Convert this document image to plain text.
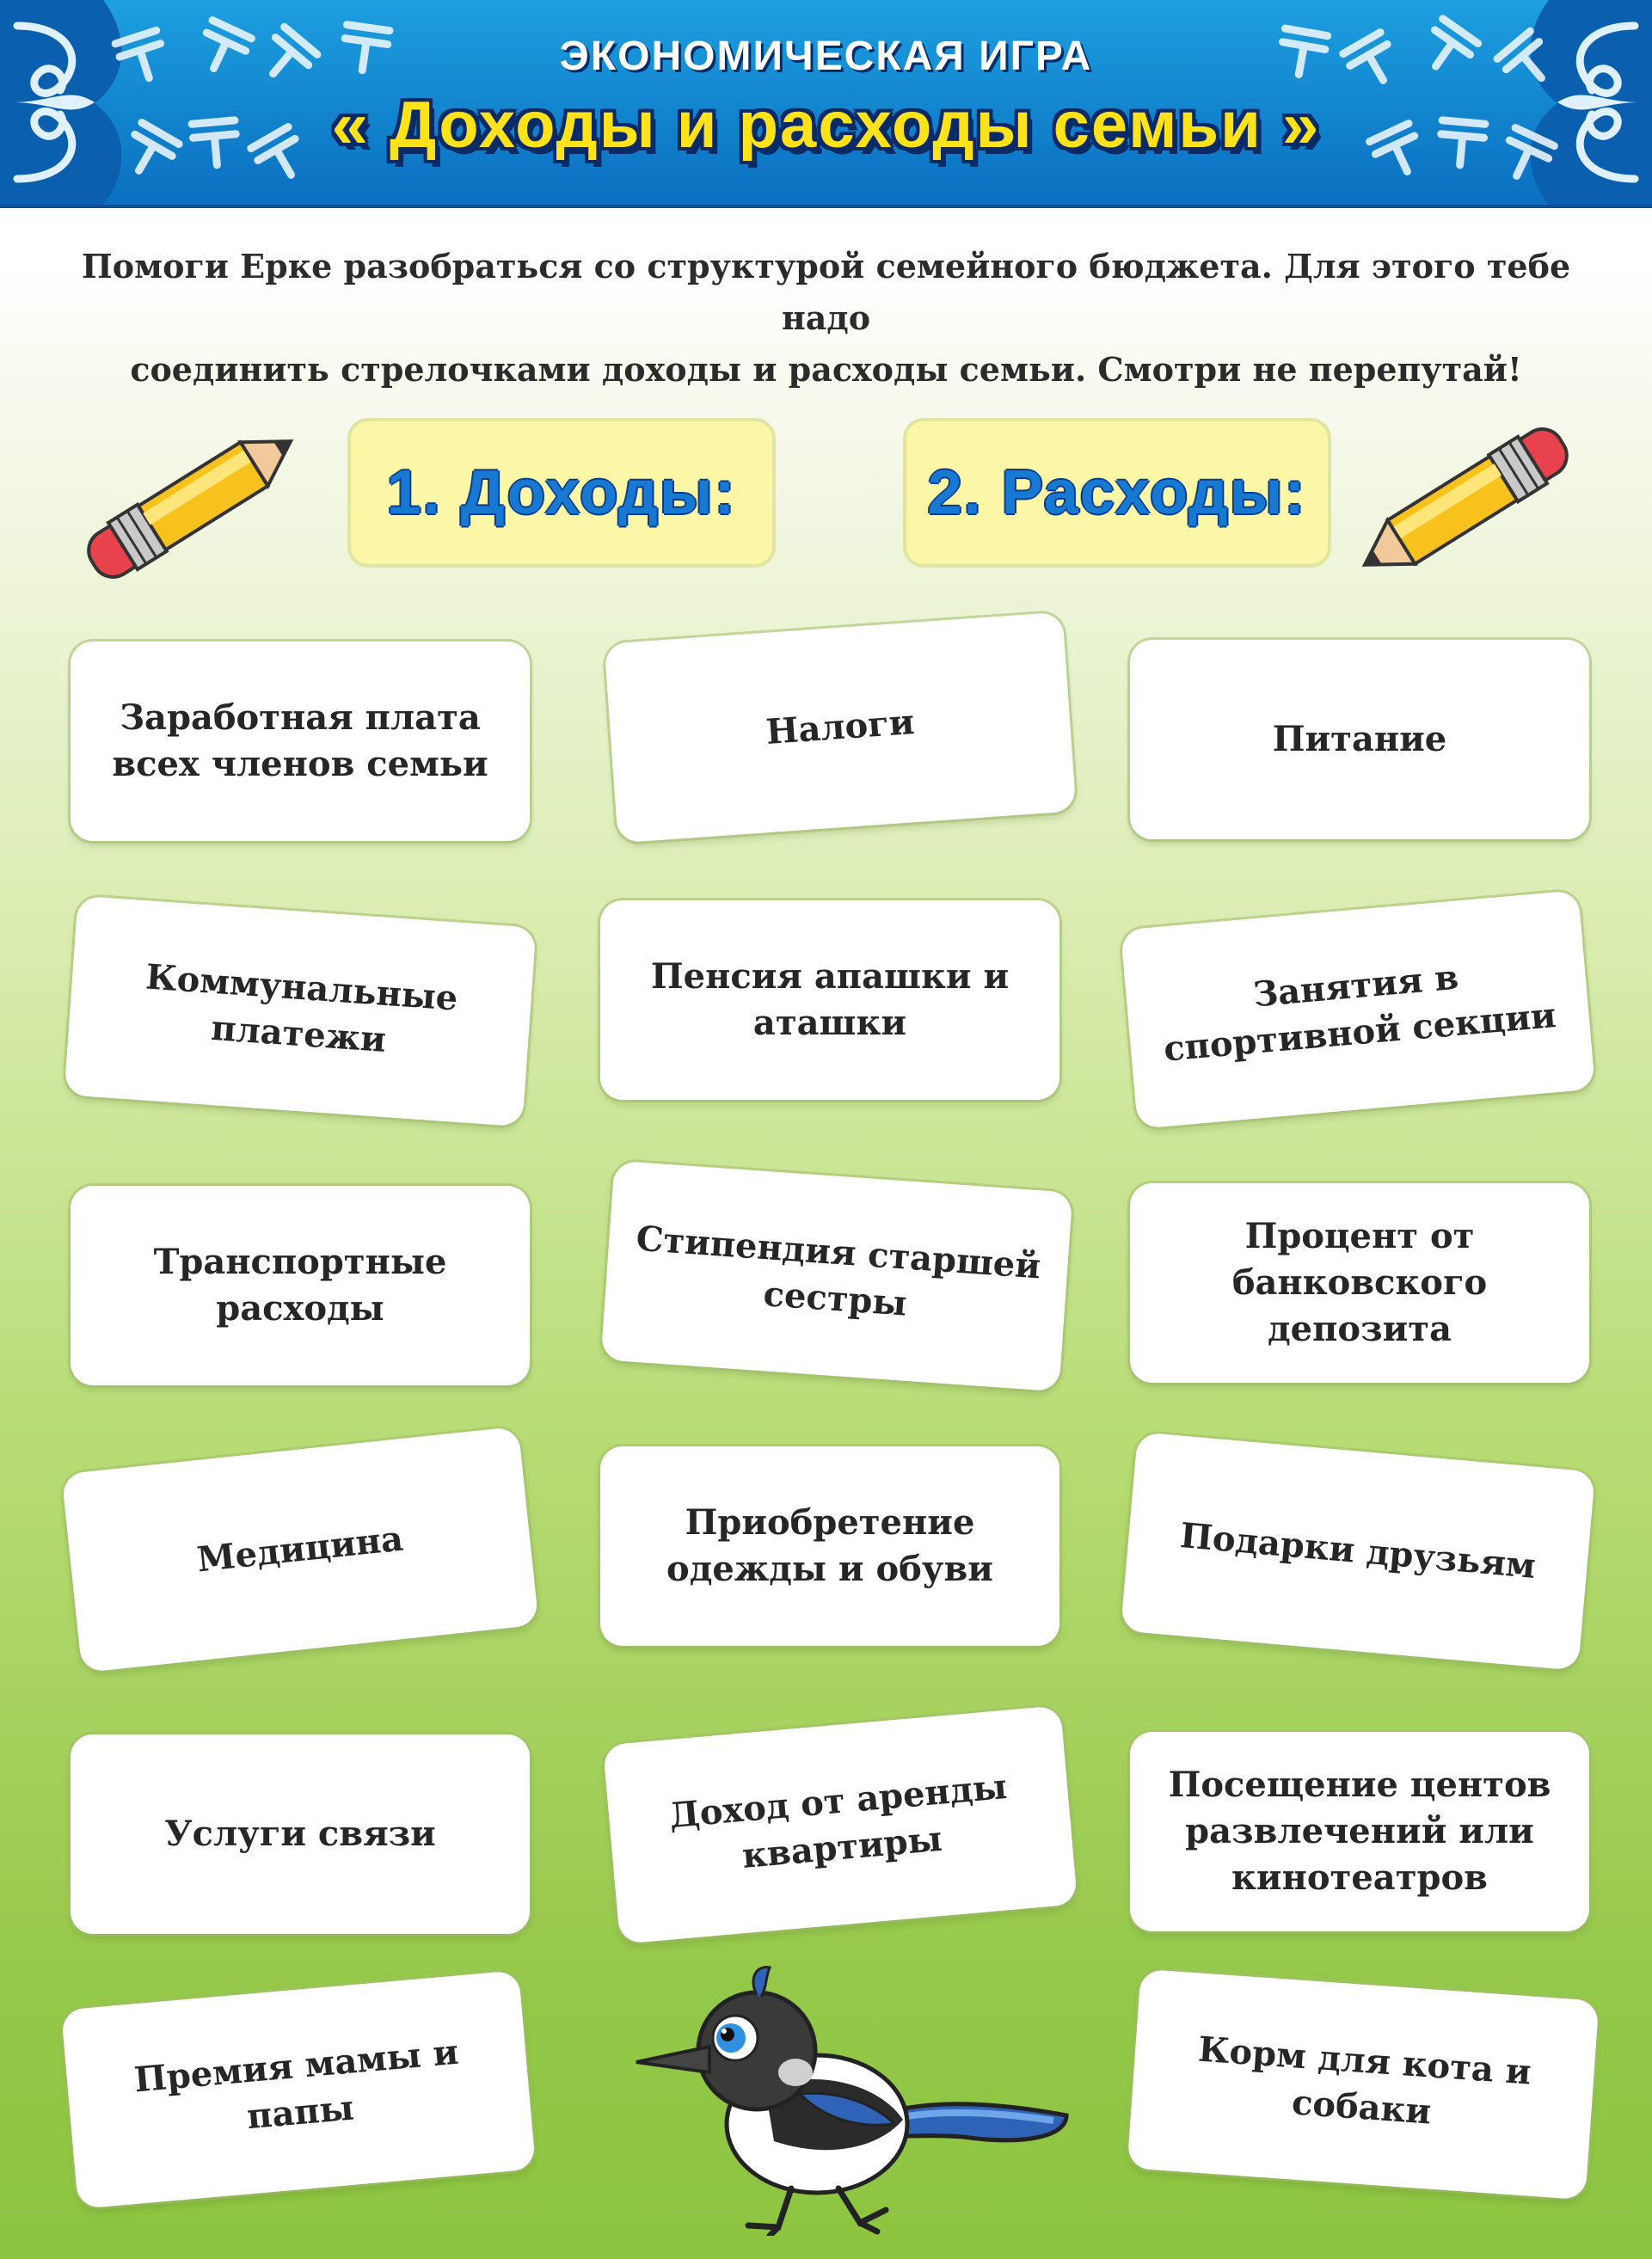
ЭКОНОМИЧЕСКАЯ ИГРА
« Доходы и расходы семьи »
Помоги Ерке разобраться со структурой семейного бюджета. Для этого тебе надо
соединить стрелочками доходы и расходы семьи. Смотри не перепутай!
1. Доходы:	2. Расходы:
Заработная плата всех членов семьи
Налоги	Питание
Коммунальные платежи
Пенсия апашки и аташки
Занятия в спортивной секции
Транспортные расходы
Стипендия старшей сестры
Процент от банковского депозита
Медицина	Приобретение одежды и обуви	Подарки друзьям
Услуги связи	Доход от аренды квартиры
Посещение центов развлечений или кинотеатров
Премия мамы и папы
Корм для кота и собаки
